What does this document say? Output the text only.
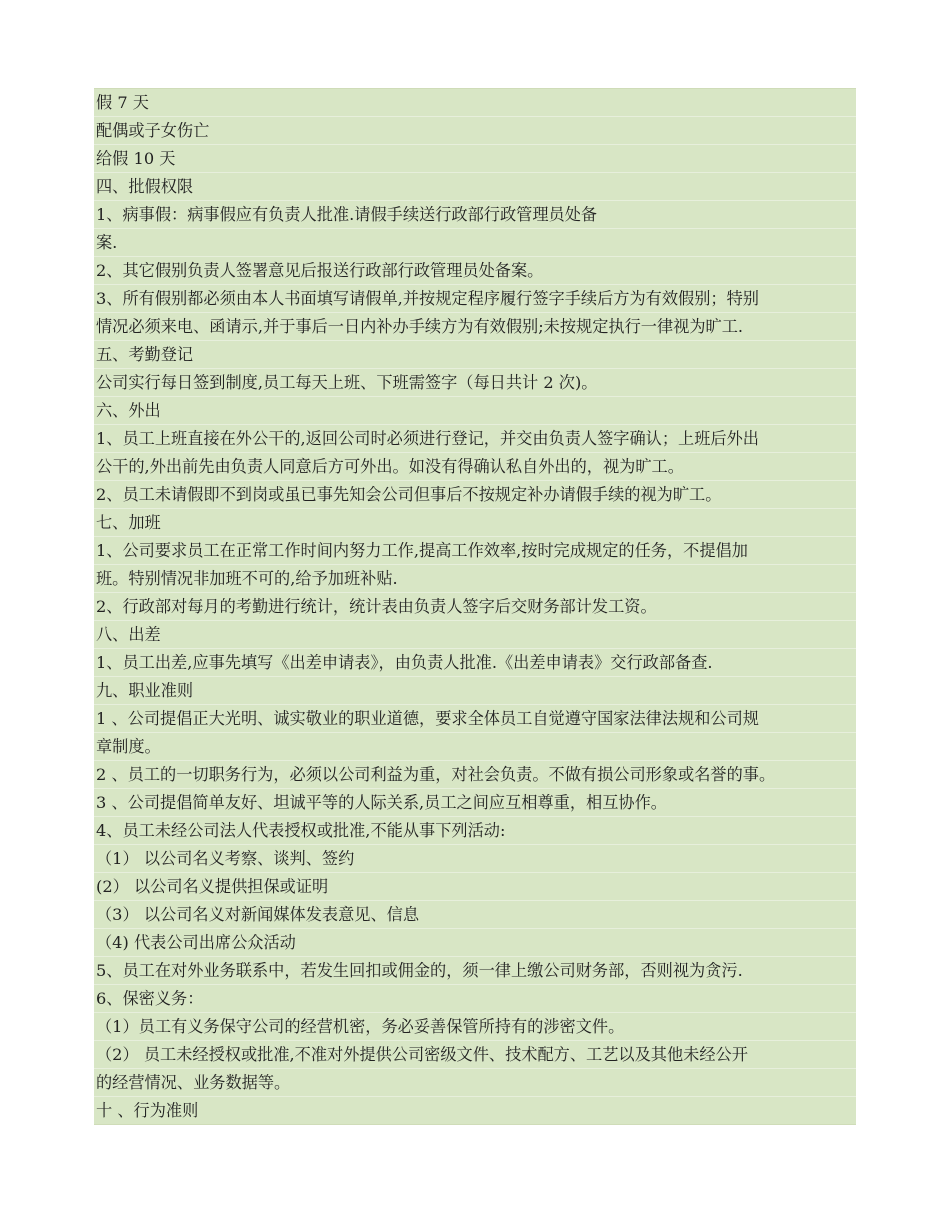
假 7 天
配偶或子女伤亡
给假 10 天
四、批假权限
1、病事假：病事假应有负责人批准.请假手续送行政部行政管理员处备
案.
2、其它假别负责人签署意见后报送行政部行政管理员处备案。
3、所有假别都必须由本人书面填写请假单,并按规定程序履行签字手续后方为有效假别；特别
情况必须来电、函请示,并于事后一日内补办手续方为有效假别;未按规定执行一律视为旷工.
五、考勤登记
公司实行每日签到制度,员工每天上班、下班需签字（每日共计 2 次)。
六、外出
1、员工上班直接在外公干的,返回公司时必须进行登记，并交由负责人签字确认；上班后外出
公干的,外出前先由负责人同意后方可外出。如没有得确认私自外出的，视为旷工。
2、员工未请假即不到岗或虽已事先知会公司但事后不按规定补办请假手续的视为旷工。
七、加班
1、公司要求员工在正常工作时间内努力工作,提高工作效率,按时完成规定的任务，不提倡加
班。特别情况非加班不可的,给予加班补贴.
2、行政部对每月的考勤进行统计，统计表由负责人签字后交财务部计发工资。
八、出差
1、员工出差,应事先填写《出差申请表》，由负责人批准.《出差申请表》交行政部备查.
九、职业准则
1 、公司提倡正大光明、诚实敬业的职业道德，要求全体员工自觉遵守国家法律法规和公司规
章制度。
2 、员工的一切职务行为，必须以公司利益为重，对社会负责。不做有损公司形象或名誉的事。
3 、公司提倡简单友好、坦诚平等的人际关系,员工之间应互相尊重，相互协作。
4、员工未经公司法人代表授权或批准,不能从事下列活动:
（1） 以公司名义考察、谈判、签约
(2） 以公司名义提供担保或证明
（3） 以公司名义对新闻媒体发表意见、信息
（4) 代表公司出席公众活动
5、员工在对外业务联系中，若发生回扣或佣金的，须一律上缴公司财务部，否则视为贪污.
6、保密义务：
（1）员工有义务保守公司的经营机密，务必妥善保管所持有的涉密文件。
（2） 员工未经授权或批准,不准对外提供公司密级文件、技术配方、工艺以及其他未经公开
的经营情况、业务数据等。
十 、行为准则
